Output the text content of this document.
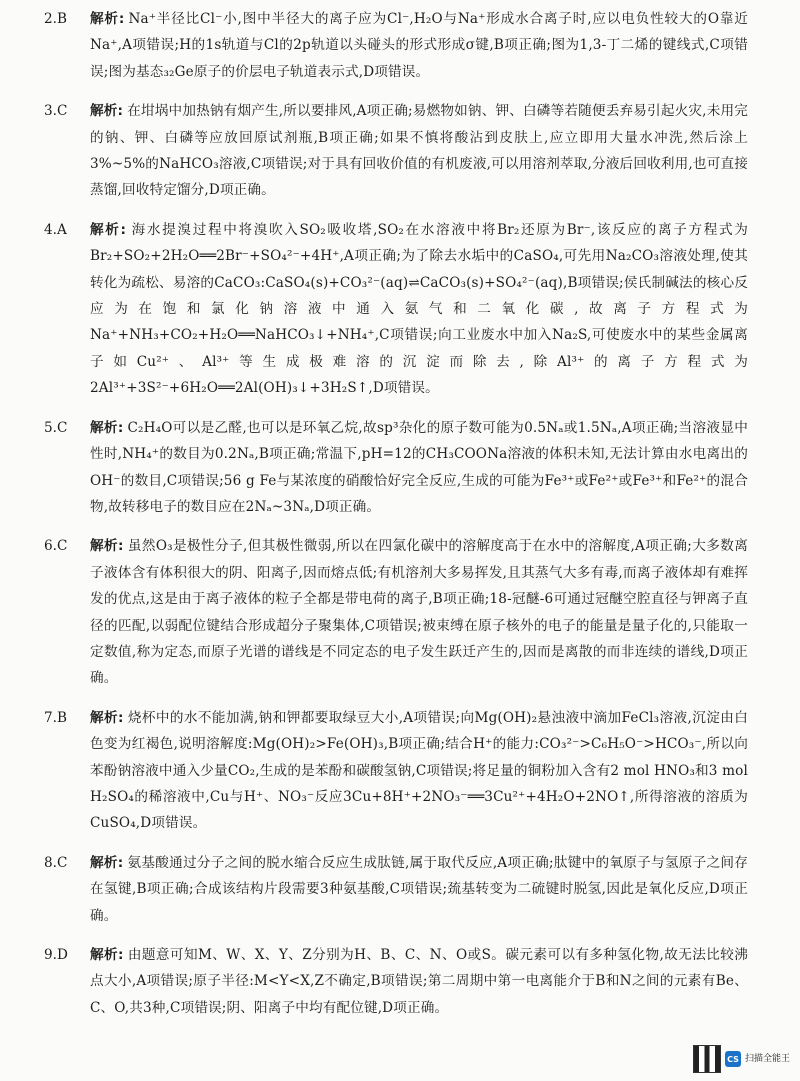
2.B	解析: Na⁺半径比Cl⁻小,图中半径大的离子应为Cl⁻,H₂O与Na⁺形成水合离子时,应以电负性较大的O靠近Na⁺,A项错误;H的1s轨道与Cl的2p轨道以头碰头的形式形成σ键,B项正确;图为1,3-丁二烯的键线式,C项错误;图为基态₃₂Ge原子的价层电子轨道表示式,D项错误。
3.C	解析: 在坩埚中加热钠有烟产生,所以要排风,A项正确;易燃物如钠、钾、白磷等若随便丢弃易引起火灾,未用完的钠、钾、白磷等应放回原试剂瓶,B项正确;如果不慎将酸沾到皮肤上,应立即用大量水冲洗,然后涂上3%~5%的NaHCO₃溶液,C项错误;对于具有回收价值的有机废液,可以用溶剂萃取,分液后回收利用,也可直接蒸馏,回收特定馏分,D项正确。
4.A	解析: 海水提溴过程中将溴吹入SO₂吸收塔,SO₂在水溶液中将Br₂还原为Br⁻,该反应的离子方程式为Br₂+SO₂+2H₂O══2Br⁻+SO₄²⁻+4H⁺,A项正确;为了除去水垢中的CaSO₄,可先用Na₂CO₃溶液处理,使其转化为疏松、易溶的CaCO₃:CaSO₄(s)+CO₃²⁻(aq)⇌CaCO₃(s)+SO₄²⁻(aq),B项错误;侯氏制碱法的核心反应为在饱和氯化钠溶液中通入氨气和二氧化碳,故离子方程式为Na⁺+NH₃+CO₂+H₂O══NaHCO₃↓+NH₄⁺,C项错误;向工业废水中加入Na₂S,可使废水中的某些金属离子如Cu²⁺、Al³⁺等生成极难溶的沉淀而除去,除Al³⁺的离子方程式为2Al³⁺+3S²⁻+6H₂O══2Al(OH)₃↓+3H₂S↑,D项错误。
5.C	解析: C₂H₄O可以是乙醛,也可以是环氧乙烷,故sp³杂化的原子数可能为0.5Nₐ或1.5Nₐ,A项正确;当溶液显中性时,NH₄⁺的数目为0.2Nₐ,B项正确;常温下,pH=12的CH₃COONa溶液的体积未知,无法计算由水电离出的OH⁻的数目,C项错误;56 g Fe与某浓度的硝酸恰好完全反应,生成的可能为Fe³⁺或Fe²⁺或Fe³⁺和Fe²⁺的混合物,故转移电子的数目应在2Nₐ~3Nₐ,D项正确。
6.C	解析: 虽然O₃是极性分子,但其极性微弱,所以在四氯化碳中的溶解度高于在水中的溶解度,A项正确;大多数离子液体含有体积很大的阴、阳离子,因而熔点低;有机溶剂大多易挥发,且其蒸气大多有毒,而离子液体却有难挥发的优点,这是由于离子液体的粒子全都是带电荷的离子,B项正确;18-冠醚-6可通过冠醚空腔直径与钾离子直径的匹配,以弱配位键结合形成超分子聚集体,C项错误;被束缚在原子核外的电子的能量是量子化的,只能取一定数值,称为定态,而原子光谱的谱线是不同定态的电子发生跃迁产生的,因而是离散的而非连续的谱线,D项正确。
7.B	解析: 烧杯中的水不能加满,钠和钾都要取绿豆大小,A项错误;向Mg(OH)₂悬浊液中滴加FeCl₃溶液,沉淀由白色变为红褐色,说明溶解度:Mg(OH)₂>Fe(OH)₃,B项正确;结合H⁺的能力:CO₃²⁻>C₆H₅O⁻>HCO₃⁻,所以向苯酚钠溶液中通入少量CO₂,生成的是苯酚和碳酸氢钠,C项错误;将足量的铜粉加入含有2 mol HNO₃和3 mol H₂SO₄的稀溶液中,Cu与H⁺、NO₃⁻反应3Cu+8H⁺+2NO₃⁻══3Cu²⁺+4H₂O+2NO↑,所得溶液的溶质为CuSO₄,D项错误。
8.C	解析: 氨基酸通过分子之间的脱水缩合反应生成肽链,属于取代反应,A项正确;肽键中的氧原子与氢原子之间存在氢键,B项正确;合成该结构片段需要3种氨基酸,C项错误;巯基转变为二硫键时脱氢,因此是氧化反应,D项正确。
9.D	解析: 由题意可知M、W、X、Y、Z分别为H、B、C、N、O或S。碳元素可以有多种氢化物,故无法比较沸点大小,A项错误;原子半径:M<Y<X,Z不确定,B项错误;第二周期中第一电离能介于B和N之间的元素有Be、C、O,共3种,C项错误;阴、阳离子中均有配位键,D项正确。
CS 扫描全能王
